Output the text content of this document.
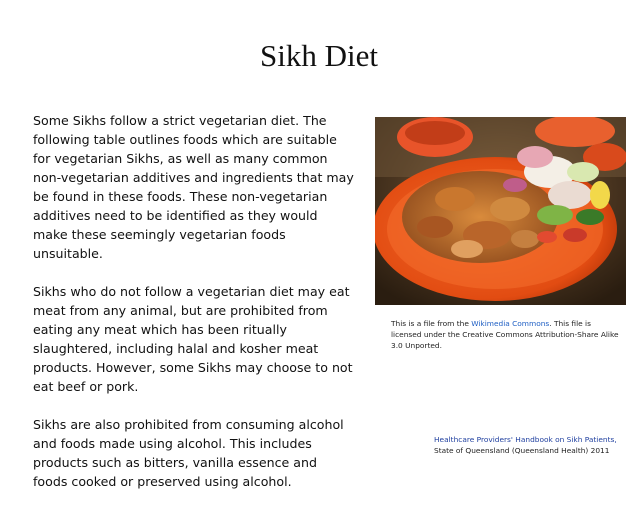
Sikh Diet

Some Sikhs follow a strict vegetarian diet. The following table outlines foods which are suitable for vegetarian Sikhs, as well as many common non-vegetarian additives and ingredients that may be found in these foods. These non-vegetarian additives need to be identified as they would make these seemingly vegetarian foods unsuitable.

Sikhs who do not follow a vegetarian diet may eat meat from any animal, but are prohibited from eating any meat which has been ritually slaughtered, including halal and kosher meat products. However, some Sikhs may choose to not eat beef or pork.

Sikhs are also prohibited from consuming alcohol and foods made using alcohol. This includes products such as bitters, vanilla essence and foods cooked or preserved using alcohol.

This is a file from the Wikimedia Commons. This file is licensed under the Creative Commons Attribution-Share Alike 3.0 Unported.
Healthcare Providers' Handbook on Sikh Patients,
State of Queensland (Queensland Health) 2011
